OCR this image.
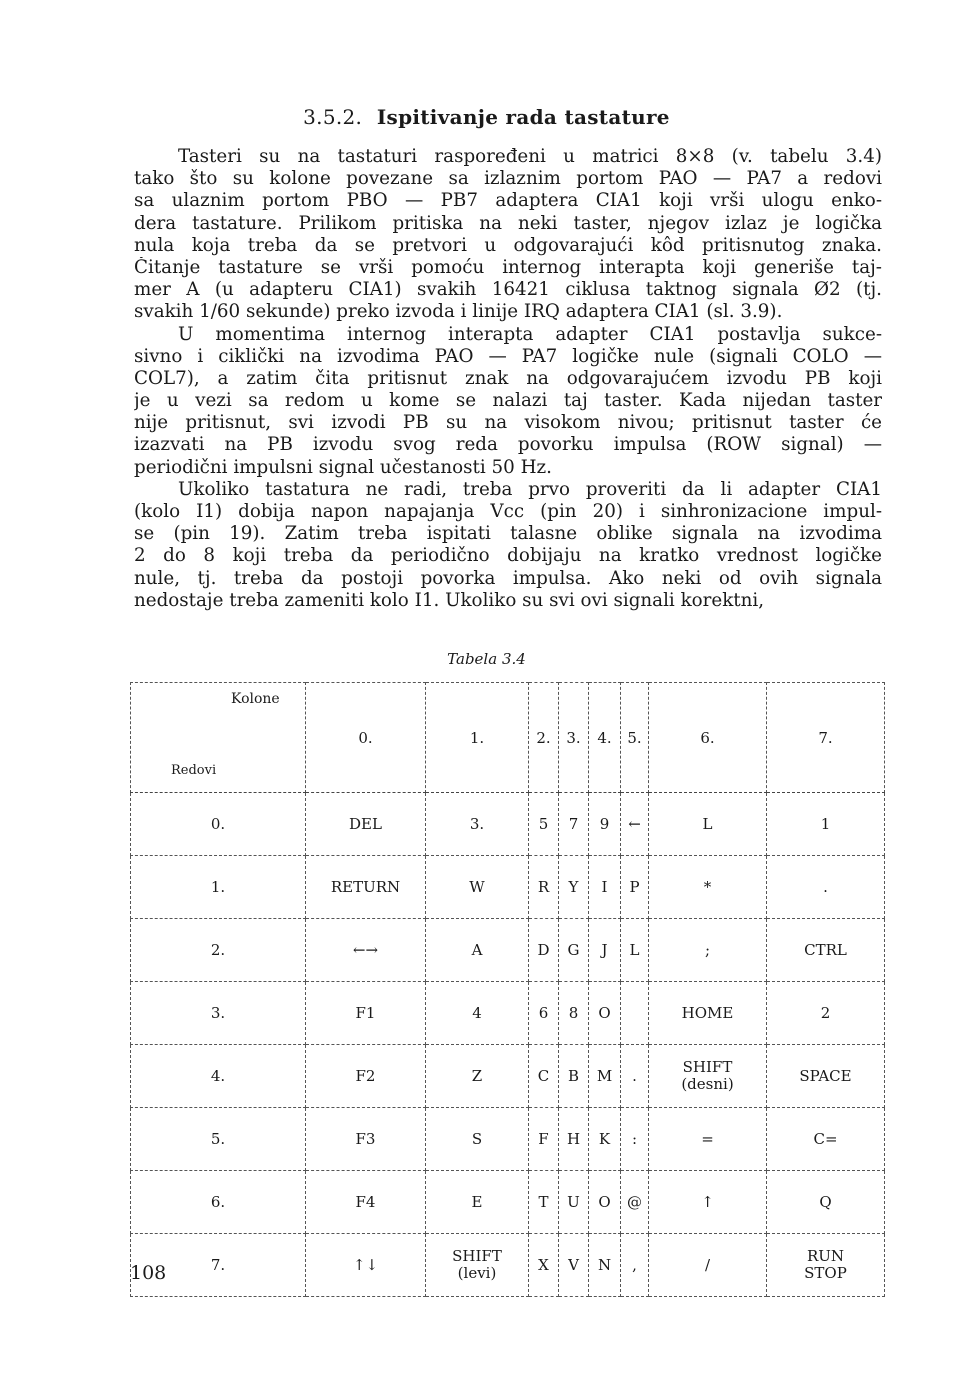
3.5.2. Ispitivanje rada tastature
Tasteri su na tastaturi raspoređeni u matrici 8×8 (v. tabelu 3.4)
tako što su kolone povezane sa izlaznim portom PAO — PA7 a redovi
sa ulaznim portom PBO — PB7 adaptera CIA1 koji vrši ulogu enko-
dera tastature. Prilikom pritiska na neki taster, njegov izlaz je logička
nula koja treba da se pretvori u odgovarajući kôd pritisnutog znaka.
Čitanje tastature se vrši pomoću internog interapta koji generiše taj-
mer A (u adapteru CIA1) svakih 16421 ciklusa taktnog signala Ø2 (tj.
svakih 1/60 sekunde) preko izvoda i linije IRQ adaptera CIA1 (sl. 3.9).
U momentima internog interapta adapter CIA1 postavlja sukce-
sivno i ciklički na izvodima PAO — PA7 logičke nule (signali COLO —
COL7), a zatim čita pritisnut znak na odgovarajućem izvodu PB koji
je u vezi sa redom u kome se nalazi taj taster. Kada nijedan taster
nije pritisnut, svi izvodi PB su na visokom nivou; pritisnut taster će
izazvati na PB izvodu svog reda povorku impulsa (ROW signal) —
periodični impulsni signal učestanosti 50 Hz.
Ukoliko tastatura ne radi, treba prvo proveriti da li adapter CIA1
(kolo I1) dobija napon napajanja Vcc (pin 20) i sinhronizacione impul-
se (pin 19). Zatim treba ispitati talasne oblike signala na izvodima
2 do 8 koji treba da periodično dobijaju na kratko vrednost logičke
nule, tj. treba da postoji povorka impulsa. Ako neki od ovih signala
nedostaje treba zameniti kolo I1. Ukoliko su svi ovi signali korektni,
Tabela 3.4
Kolone
Redovi	0.	1.	2.	3.	4.	5.	6.	7.
0.	DEL	3.	5	7	9	←	L	1
1.	RETURN	W	R	Y	I	P	*	.
2.	←→	A	D	G	J	L	;	CTRL
3.	F1	4	6	8	O		HOME	2
4.	F2	Z	C	B	M	.	SHIFT
(desni)	SPACE
5.	F3	S	F	H	K	:	=	C=
6.	F4	E	T	U	O	@	↑	Q
7.	↑↓	SHIFT
(levi)	X	V	N	,	/	RUN
STOP
108
